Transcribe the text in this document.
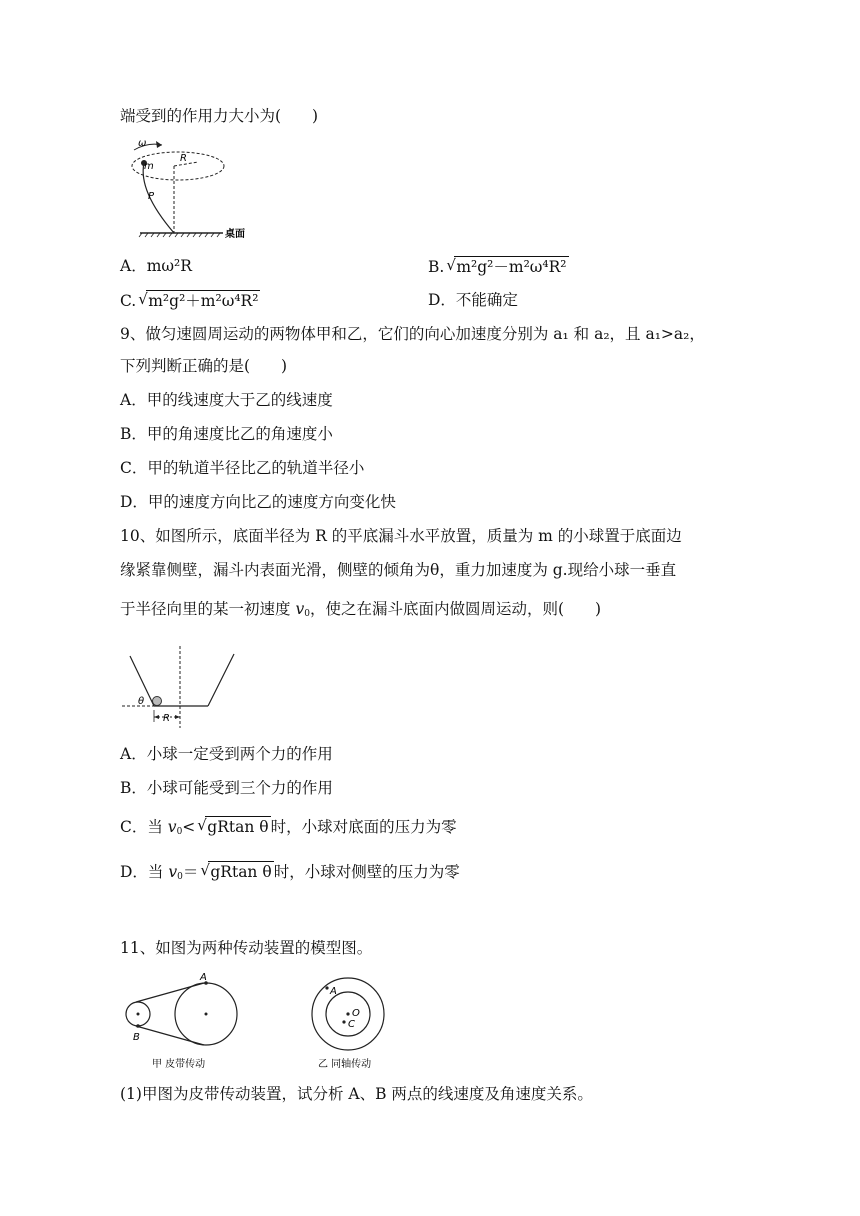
端受到的作用力大小为(　　)
ω
R
m
P
桌面
A．mω²R	B. √ m²g²－m²ω⁴R²
C. √ m²g²＋m²ω⁴R²	D．不能确定
9、做匀速圆周运动的两物体甲和乙，它们的向心加速度分别为 a₁ 和 a₂，且 a₁>a₂，
下列判断正确的是(　　)
A．甲的线速度大于乙的线速度
B．甲的角速度比乙的角速度小
C．甲的轨道半径比乙的轨道半径小
D．甲的速度方向比乙的速度方向变化快
10、如图所示，底面半径为 R 的平底漏斗水平放置，质量为 m 的小球置于底面边
缘紧靠侧壁，漏斗内表面光滑，侧壁的倾角为θ，重力加速度为 g.现给小球一垂直
于半径向里的某一初速度 $v_0$，使之在漏斗底面内做圆周运动，则(　　)
θ
R
A．小球一定受到两个力的作用
B．小球可能受到三个力的作用
C．当 $v_0<$ √ gRtan θ 时，小球对底面的压力为零
D．当 $v_0=$ √ gRtan θ 时，小球对侧壁的压力为零
11、如图为两种传动装置的模型图。
A
B
甲 皮带传动
A
O
C
乙 同轴传动
(1)甲图为皮带传动装置，试分析 A、B 两点的线速度及角速度关系。
